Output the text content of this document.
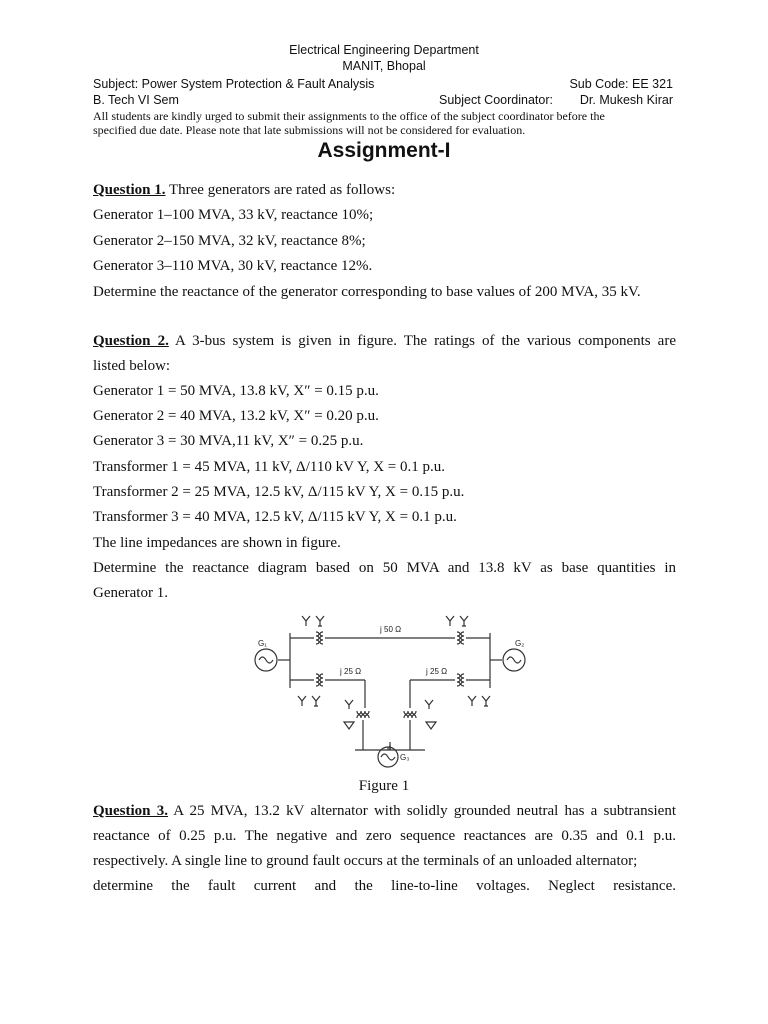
Electrical Engineering Department
MANIT, Bhopal
Subject: Power System Protection & Fault Analysis	Sub Code: EE 321
B. Tech VI Sem	Subject Coordinator: Dr. Mukesh Kirar
All students are kindly urged to submit their assignments to the office of the subject coordinator before the
specified due date. Please note that late submissions will not be considered for evaluation.
Assignment-I
Question 1. Three generators are rated as follows:
Generator 1–100 MVA, 33 kV, reactance 10%;
Generator 2–150 MVA, 32 kV, reactance 8%;
Generator 3–110 MVA, 30 kV, reactance 12%.
Determine the reactance of the generator corresponding to base values of 200 MVA, 35 kV.
Question 2. A 3-bus system is given in figure. The ratings of the various components are
listed below:
Generator 1 = 50 MVA, 13.8 kV, X″ = 0.15 p.u.
Generator 2 = 40 MVA, 13.2 kV, X″ = 0.20 p.u.
Generator 3 = 30 MVA,11 kV, X″ = 0.25 p.u.
Transformer 1 = 45 MVA, 11 kV, Δ/110 kV Y, X = 0.1 p.u.
Transformer 2 = 25 MVA, 12.5 kV, Δ/115 kV Y, X = 0.15 p.u.
Transformer 3 = 40 MVA, 12.5 kV, Δ/115 kV Y, X = 0.1 p.u.
The line impedances are shown in figure.
Determine the reactance diagram based on 50 MVA and 13.8 kV as base quantities in
Generator 1.
j 50 Ω
j 25 Ω	j 25 Ω
G₁	G₂
G₃
Figure 1
Question 3. A 25 MVA, 13.2 kV alternator with solidly grounded neutral has a subtransient
reactance of 0.25 p.u. The negative and zero sequence reactances are 0.35 and 0.1 p.u.
respectively. A single line to ground fault occurs at the terminals of an unloaded alternator;
determine the fault current and the line-to-line voltages. Neglect resistance.
